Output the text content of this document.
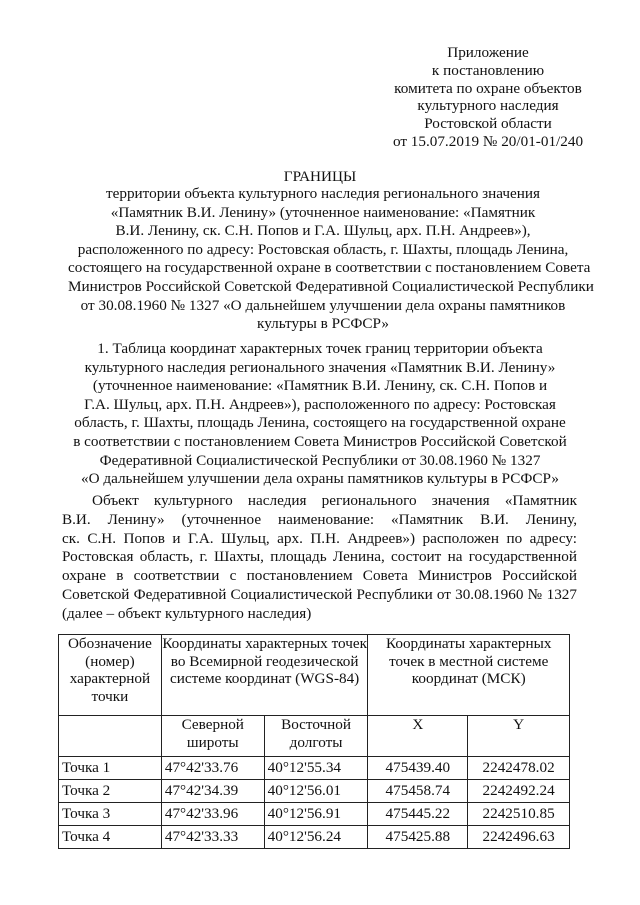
Приложение
к постановлению
комитета по охране объектов
культурного наследия
Ростовской области
от 15.07.2019 № 20/01-01/240
ГРАНИЦЫ
территории объекта культурного наследия регионального значения
«Памятник В.И. Ленину» (уточненное наименование: «Памятник
В.И. Ленину, ск. С.Н. Попов и Г.А. Шульц, арх. П.Н. Андреев»),
расположенного по адресу: Ростовская область, г. Шахты, площадь Ленина,
состоящего на государственной охране в соответствии с постановлением Совета
Министров Российской Советской Федеративной Социалистической Республики
от 30.08.1960 № 1327 «О дальнейшем улучшении дела охраны памятников
культуры в РСФСР»
1. Таблица координат характерных точек границ территории объекта
культурного наследия регионального значения «Памятник В.И. Ленину»
(уточненное наименование: «Памятник В.И. Ленину, ск. С.Н. Попов и
Г.А. Шульц, арх. П.Н. Андреев»), расположенного по адресу: Ростовская
область, г. Шахты, площадь Ленина, состоящего на государственной охране
в соответствии с постановлением Совета Министров Российской Советской
Федеративной Социалистической Республики от 30.08.1960 № 1327
«О дальнейшем улучшении дела охраны памятников культуры в РСФСР»
Объект культурного наследия регионального значения «Памятник
В.И. Ленину» (уточненное наименование: «Памятник В.И. Ленину,
ск. С.Н. Попов и Г.А. Шульц, арх. П.Н. Андреев») расположен по адресу:
Ростовская область, г. Шахты, площадь Ленина, состоит на государственной
охране в соответствии с постановлением Совета Министров Российской
Советской Федеративной Социалистической Республики от 30.08.1960 № 1327
(далее – объект культурного наследия)
Обозначение (номер) характерной точки	Координаты характерных точек во Всемирной геодезической системе координат (WGS-84)		Координаты характерных точек в местной системе координат (МСК)	
	Северной широты	Восточной долготы	X	Y
Точка 1	47°42'33.76	40°12'55.34	475439.40	2242478.02
Точка 2	47°42'34.39	40°12'56.01	475458.74	2242492.24
Точка 3	47°42'33.96	40°12'56.91	475445.22	2242510.85
Точка 4	47°42'33.33	40°12'56.24	475425.88	2242496.63
